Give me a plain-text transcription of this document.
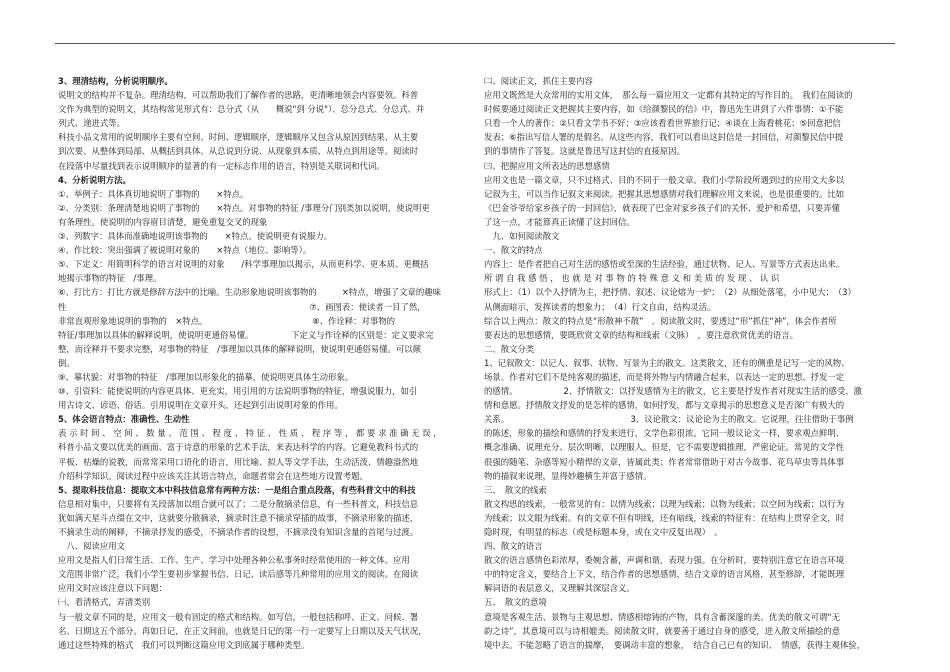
3、理清结构，分析说明顺序。
说明文的结构并不复杂。理清结构，可以帮助我们了解作者的思路，更清晰地领会内容要领。科普
文作为典型的说明文，其结构常见形式有：总分式（从　　概说"到 分说"）、总分总式、分总式、并
列式、递进式等。
科技小品文常用的说明顺序主要有空间、时间、逻辑顺序，逻辑顺序又包含从原因到结果、从主要
到次要、从整体到局部、从概括到具体、从总说到分说、从现象到本质、从特点到用途等。阅读时
在段落中尽量找到表示说明顺序的显著的有一定标志作用的语言，特别是关联词和代词。
4、分析说明方法。
①、举例子：具体真切地说明了事物的　　×特点。
②、分类别：条理清楚地说明了事物的　　×特点。对事物的特征 /事理分门别类加以说明，使说明更
有条理性。使说明的内容眉目清楚，避免重复交叉的现象
③、列数字：具体而准确地说明该事物的　　×特点。使说明更有说服力。
④、作比较：突出强调了被说明对象的　　×特点（地位、影响等）。
⑤、下定义：用简明科学的语言对说明的对象　　/科学事理加以揭示，从而更科学、更本质、更概括
地揭示事物的特征　/事理。
⑥、打比方：打比方就是修辞方法中的比喻。生动形象地说明该事物的　　　×特点，增强了文章的趣味
性　　　　　　　　　　　　　　　　　　　　　　　　　　　　　⑦、画图表：使读者一目了然，
非常直观形象地说明的事物的　×特点。　　　　　　　　　　　　　⑧、作诠释：对事物的
特征/事理加以具体的解释说明，使说明更通俗易懂。　　　　　下定义与作诠释的区别是：定义要求完
整，而诠释并不要求完整，对事物的特征　/事理加以具体的解释说明，使说明更通俗易懂。可以颠
倒。
⑨、摹状貌：对事物的特征　/事理加以形象化的描摹，使说明更具体生动形象。
⑩、引资料：能使说明的内容更具体、更充实，用引用的方法说明事物的特征，增强说服力，如引
用古诗文、谚语、俗话。引用说明在文章开头，还起到引出说明对象的作用。
5、体会语言特点：准确性、生动性
表 示 时 间 、 空 间 、 数 量 、 范 围 、 程 度 、 特 征 、 性 质 、 程 序 等 ， 都 要 求 准 确 无 误 ，
科普小品文要以优美的画面、富于诗意的形象的艺术手法，来表达科学的内容。它避免教科书式的
平板、枯燥的说教，而常常采用口语化的语言，用比喻、拟人等文学手法，生动活泼、情趣盎然地
介绍科学知识。阅读过程中应该关注其语言特点，命题者常会在这些地方设置考题。
5、提取科技信息：提取文本中科技信息常有两种方法：一是组合重点段落，有些科普文中的科技
信息相对集中，只要将有关段落加以组合就可以了；二是分散摘录信息，有一些科普文，科技信息
犹如满天星斗点缀在文中，这就要分散摘录，摘录时注意不摘录穿插的故事，不摘录形象的描述，
不摘录生动的阐释，不摘录抒发的感受，不摘录作者的设想，不摘录没有知识含量的首尾与过渡。
　八、阅读应用文
应用文是指人们日常生活、工作、生产、学习中处理各种公私事务时经常使用的一种文体。应用
文范围非常广泛，我们小学生要初步掌握书信、日记、读后感等几种常用的应用文的阅读。在阅读
应用文时应该注意以下问题：
㈠、看清格式，弄清类别
与一般文章不同的是，应用文一般有固定的格式和结构。如写信，一般包括称呼、正文、问候、署
名、日期这五个部分。再如日记，在正文间前，也就是日记的第一行一定要写上日期以及天气状况，
通过这些特殊的格式　我们可以判断这篇应用文到底属于哪种类型。
㈡、阅读正文，抓住主要内容
应用文既然是大众常用的实用文体，　那么每一篇应用文一定都有其特定的写作目的。　我们在阅读的
时候要通过阅读正文把握其主要内容，如《给颜黎民的信》中，鲁迅先生讲到了六件事情：①不能
只看一个人的著作；②只看文学书不好；③应该看看世界旅行记；④谈在上海看桃花；⑤回意把信
发表；⑥指出写信人署的是假名。从这些内容，我们可以看出这封信是一封回信，对颜黎民信中提
到的事情作了答复。这就是鲁迅写这封信的直接原因。
㈢、把握应用文所表达的思想感情
应用文也是一篇文章，只不过格式、目的不同于一般文章。我们小学阶段所遇到过的应用文大多以
记叙为主，可以当作记叙文来阅读。把握其思想感情对我们理解应用文来说，也是很重要的。比如
《巴金爷爷给家乡孩子的一封回信》，就表现了巴金对家乡孩子们的关怀、爱护和希望，只要弄懂
了这一点，才能算真正读懂了这封回信。
　九、如何阅读散文
一、散文的特点
内容上：是作者把自己对生活的感悟或至深的生活经验，通过状物、记人、写景等方式表达出来。
所 谓 自 我 感 悟 ， 也 就 是 对 事 物 的 特 殊 意 义 和 美 质 的 发 现 、 认 识
形式上：（1）以个人抒情为主，把抒情、叙述、议论熔为一炉；　（2）从细处落笔，小中见大；　（3）
从侧面暗示，发挥读者的想象力；　（4）行文自由，结构灵活。
综合以上两点：散文的特点是“形散神不散”　。阅读散文时，要透过“形”抓住“神”，体会作者所
要表达的思想感情，要既欣赏文章的结构和线索（文脉）　，要注意欣赏优美的语言。
二、散文分类
1、记叙散文：以记人、叙事、状物、写景为主的散文。这类散文，还有的侧重是记写一定的风物、
场景。作者对它们不是纯客观的描述，而是将外物与内情融合起来，以表达一定的思想、抒发一定
的感情。　　　　　　2、抒情散文：以抒发感情为主的散文，它主要是抒发作者对现实生活的感受、激
情和意愿。抒情散文抒发的是怎样的感情，如何抒发，都与文章揭示的思想意义是否深广有极大的
关系。　　　　　　　　　　　　　　　3、议论散文：议论论为主的散文。它说理，往往借助于事例
的陈述，形象的描绘和感情的抒发来进行，文学色彩很浓。它同一般议论文一样，要求观点鲜明、
概念准确、说理充分、层次明晰，以理服人。但是，它不需要逻辑推理，严密论证。常见的文学性
很强的随笔、杂感等短小精悍的文章，皆属此类；作者常常借助于对古今故事、花鸟草虫等具体事
物的描叙来说理，显得妙趣横生并富于感情。
三、　散文的线索
散文构思的线索，一般常见的有：以情为线索；以理为线索；以物为线索；以空间为线索；以行为
为线索；以文眼为线索。有的文章不但有明线，还有暗线，线索的特征有：在结构上贯穿全文，时
隐时现，有明显的标志（或是标题本身，或在文中反复出现）　。
四、散文的语言
散文的语言感情色彩浓厚，委婉含蓄，声调和谐，表现力强。在分析时，要特别注意它在语言环境
中的特定含义，要结合上下文，结合作者的思想感情，结合文章的语言风格，甚至修辞，才能既理
解词语的表层意义，又理解其深层含义。
五、　散文的意境
意境是客观生活、景物与主观思想、情感相熔铸的产物，具有含蓄深邃的美。优美的散文可谓“无
韵之诗”，其意境可以与诗相媲美。阅读散文时，就要善于通过自身的感受，进入散文所描绘的意
境中去。不能忽略了语言的揣摩，　要调动丰富的想象，　结合自己已有的知识、　情感，获得主观体验，
